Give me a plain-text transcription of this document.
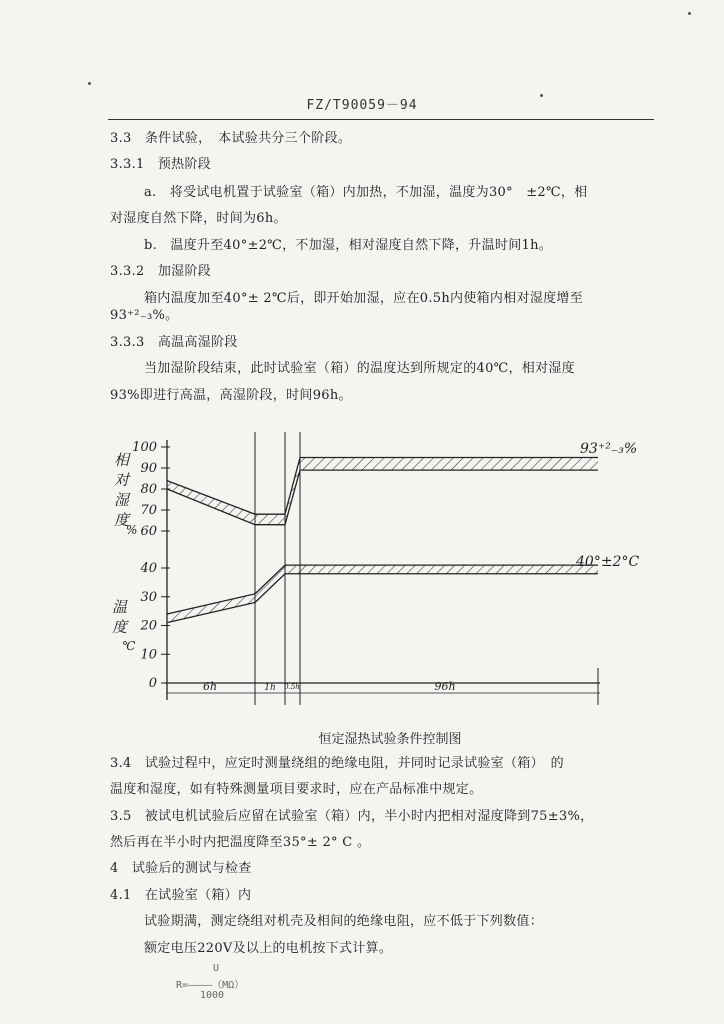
FZ/T90059－94
3.3　条件试验，　本试验共分三个阶段。
3.3.1　预热阶段
a.　将受试电机置于试验室（箱）内加热，不加湿，温度为30°　±2℃，相
对湿度自然下降，时间为6h。
b.　温度升至40°±2℃，不加湿，相对湿度自然下降，升温时间1h。
3.3.2　加湿阶段
箱内温度加至40°± 2℃后，即开始加湿，应在0.5h内使箱内相对湿度增至
93⁺²₋₃%。
3.3.3　高温高湿阶段
当加湿阶段结束，此时试验室（箱）的温度达到所规定的40℃，相对湿度
93%即进行高温，高湿阶段，时间96h。
100
90
80
70
60
40
30
20
10
0
相
对
湿
度
%
温
度
℃
6h	1h 0.5h	96h
93⁺²₋₃%
40°±2°C
恒定湿热试验条件控制图
3.4　试验过程中，应定时测量绕组的绝缘电阻，并同时记录试验室（箱）　的
温度和湿度，如有特殊测量项目要求时，应在产品标准中规定。
3.5　被试电机试验后应留在试验室（箱）内，半小时内把相对湿度降到75±3%，
然后再在半小时内把温度降至35°± 2° C 。
4　试验后的测试与检查
4.1　在试验室（箱）内
试验期满，测定绕组对机壳及相间的绝缘电阻，应不低于下列数值：
额定电压220V及以上的电机按下式计算。
U
R=————（MΩ）
1000
